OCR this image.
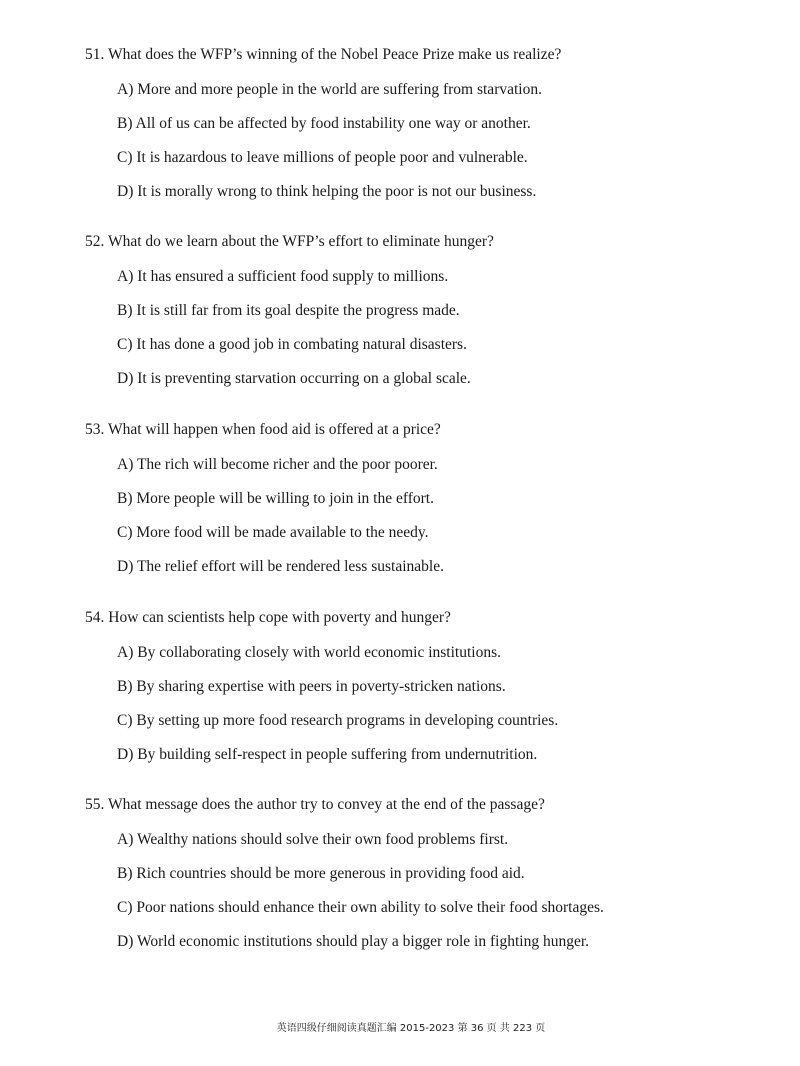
51. What does the WFP’s winning of the Nobel Peace Prize make us realize?
A) More and more people in the world are suffering from starvation.
B) All of us can be affected by food instability one way or another.
C) It is hazardous to leave millions of people poor and vulnerable.
D) It is morally wrong to think helping the poor is not our business.
52. What do we learn about the WFP’s effort to eliminate hunger?
A) It has ensured a sufficient food supply to millions.
B) It is still far from its goal despite the progress made.
C) It has done a good job in combating natural disasters.
D) It is preventing starvation occurring on a global scale.
53. What will happen when food aid is offered at a price?
A) The rich will become richer and the poor poorer.
B) More people will be willing to join in the effort.
C) More food will be made available to the needy.
D) The relief effort will be rendered less sustainable.
54. How can scientists help cope with poverty and hunger?
A) By collaborating closely with world economic institutions.
B) By sharing expertise with peers in poverty-stricken nations.
C) By setting up more food research programs in developing countries.
D) By building self-respect in people suffering from undernutrition.
55. What message does the author try to convey at the end of the passage?
A) Wealthy nations should solve their own food problems first.
B) Rich countries should be more generous in providing food aid.
C) Poor nations should enhance their own ability to solve their food shortages.
D) World economic institutions should play a bigger role in fighting hunger.
英语四级仔细阅读真题汇编 2015-2023 第 36 页 共 223 页
